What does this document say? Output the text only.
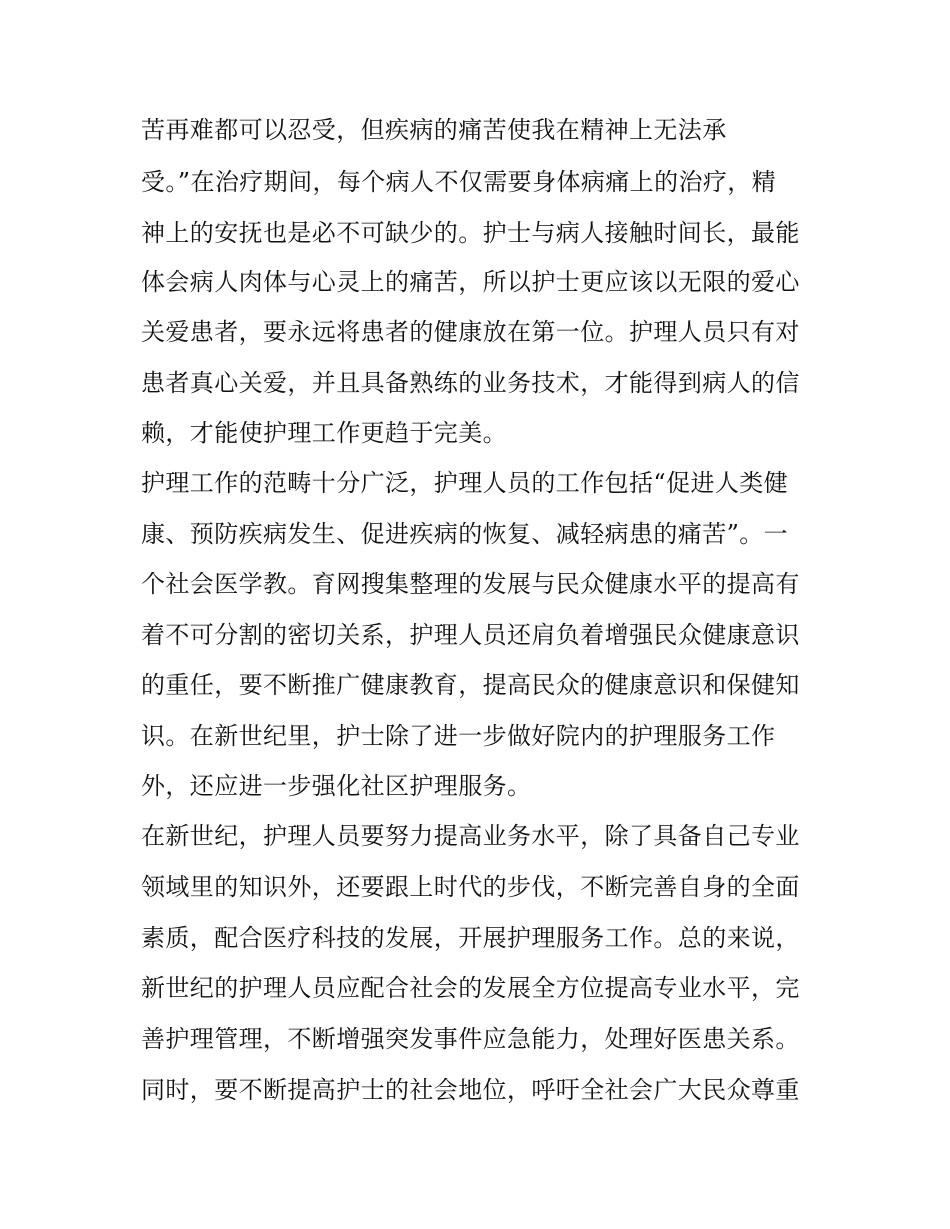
苦再难都可以忍受，但疾病的痛苦使我在精神上无法承
受。”在治疗期间，每个病人不仅需要身体病痛上的治疗，精
神上的安抚也是必不可缺少的。护士与病人接触时间长，最能
体会病人肉体与心灵上的痛苦，所以护士更应该以无限的爱心
关爱患者，要永远将患者的健康放在第一位。护理人员只有对
患者真心关爱，并且具备熟练的业务技术，才能得到病人的信
赖，才能使护理工作更趋于完美。
护理工作的范畴十分广泛，护理人员的工作包括“促进人类健
康、预防疾病发生、促进疾病的恢复、减轻病患的痛苦”。一
个社会医学教。育网搜集整理的发展与民众健康水平的提高有
着不可分割的密切关系，护理人员还肩负着增强民众健康意识
的重任，要不断推广健康教育，提高民众的健康意识和保健知
识。在新世纪里，护士除了进一步做好院内的护理服务工作
外，还应进一步强化社区护理服务。
在新世纪，护理人员要努力提高业务水平，除了具备自己专业
领域里的知识外，还要跟上时代的步伐，不断完善自身的全面
素质，配合医疗科技的发展，开展护理服务工作。总的来说，
新世纪的护理人员应配合社会的发展全方位提高专业水平，完
善护理管理，不断增强突发事件应急能力，处理好医患关系。
同时，要不断提高护士的社会地位，呼吁全社会广大民众尊重
